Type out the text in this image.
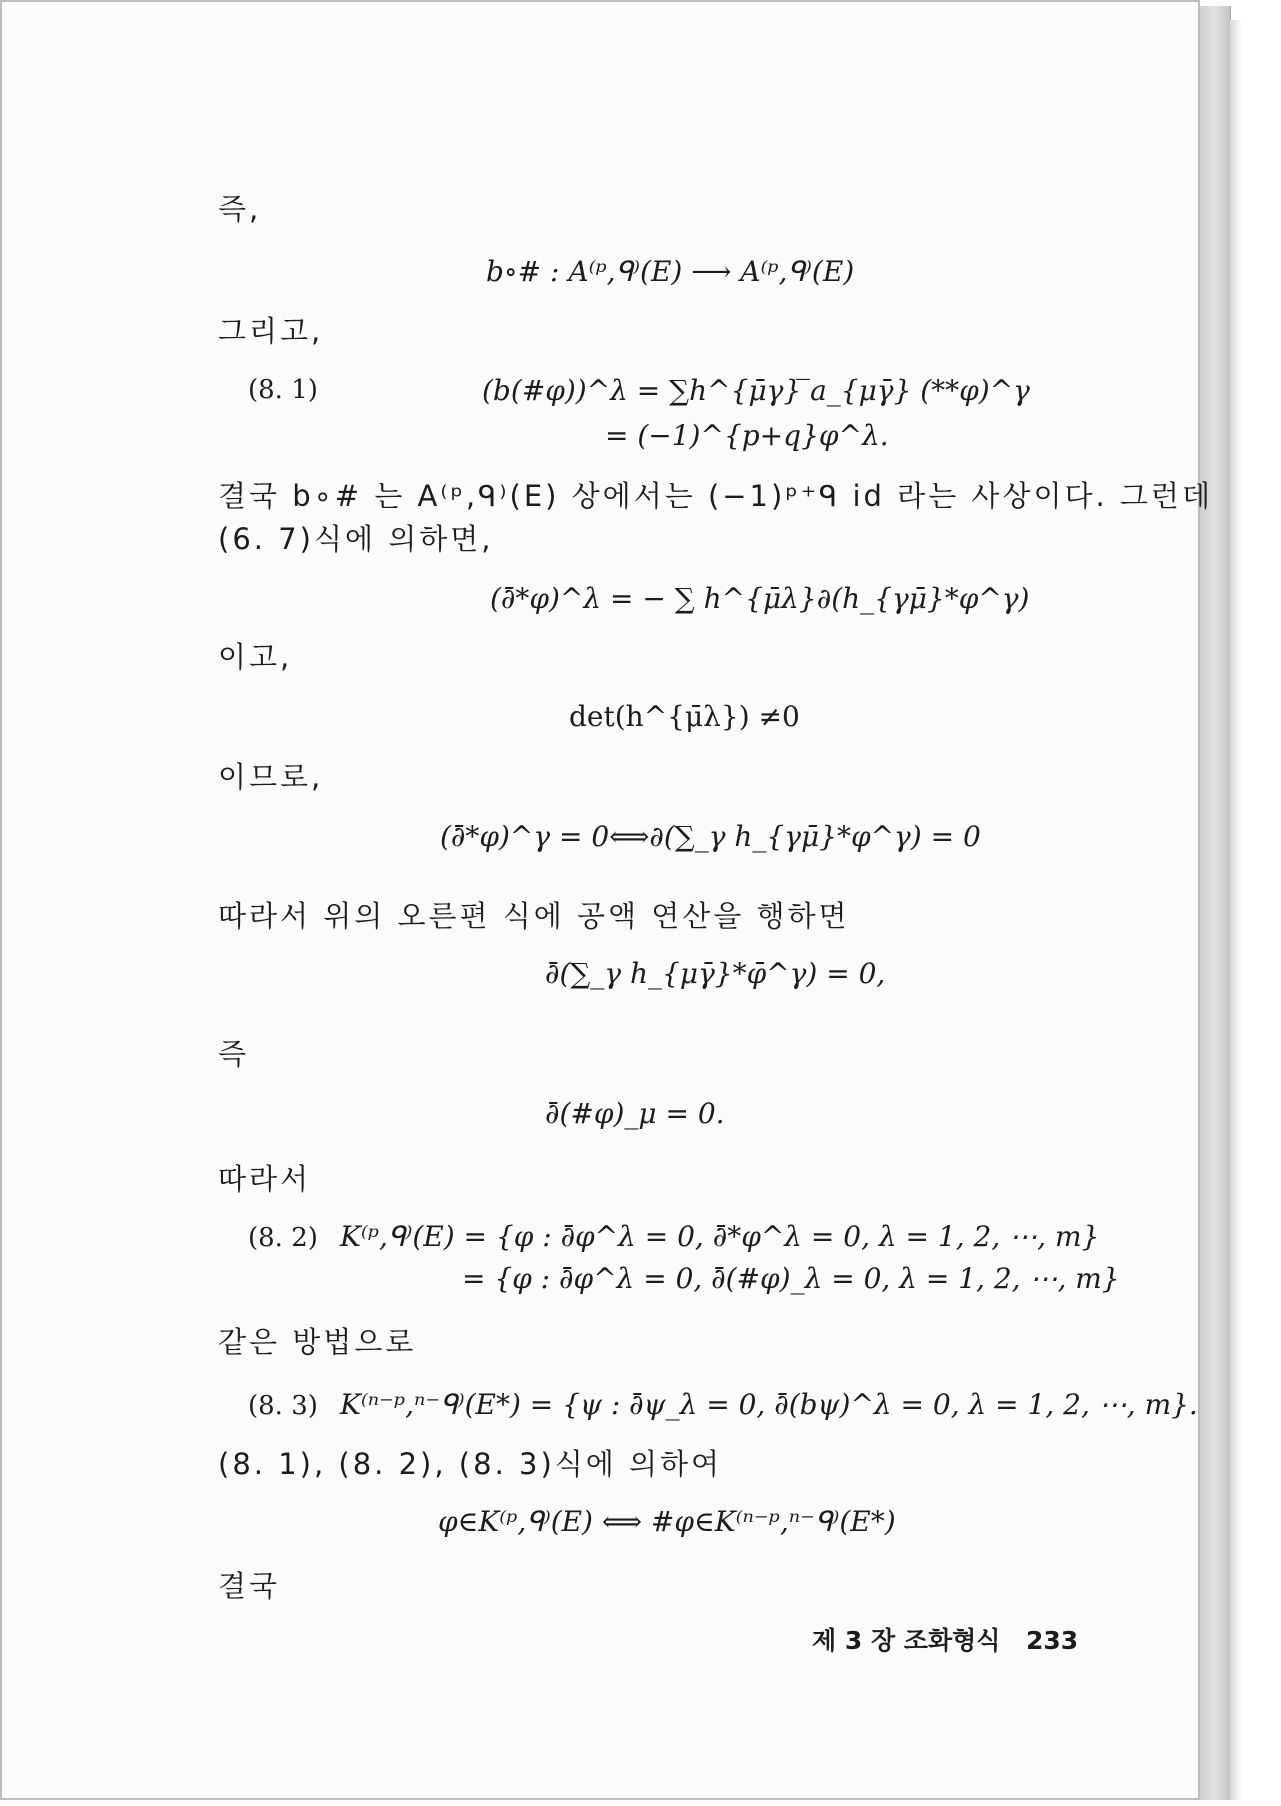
즉,
b∘# : A⁽ᵖ,ᑫ⁾(E) ⟶ A⁽ᵖ,ᑫ⁾(E)
그리고,
(8. 1)	(b(#φ))^λ = ∑h^{μ̄γ} ̅a_{μγ̄} (**φ)^γ
= (−1)^{p+q}φ^λ.
결국 b∘# 는 A⁽ᵖ,ᑫ⁾(E) 상에서는 (−1)ᵖ⁺ᑫ id 라는 사상이다. 그런데
(6. 7)식에 의하면,
(∂̄*φ)^λ = − ∑ h^{μ̄λ}∂(h_{γμ̄}*φ^γ)
이고,
det(h^{μ̄λ}) ≠0
이므로,
(∂̄*φ)^γ = 0⟺∂(∑_γ h_{γμ̄}*φ^γ) = 0
따라서 위의 오른편 식에 공액 연산을 행하면
∂̄(∑_γ h_{μγ̄}*φ̄^γ) = 0,
즉
∂̄(#φ)_μ = 0.
따라서
(8. 2) K⁽ᵖ,ᑫ⁾(E) = {φ : ∂̄φ^λ = 0, ∂̄*φ^λ = 0, λ = 1, 2, ⋯, m}
= {φ : ∂̄φ^λ = 0, ∂̄(#φ)_λ = 0, λ = 1, 2, ⋯, m}
같은 방법으로
(8. 3) K⁽ⁿ⁻ᵖ,ⁿ⁻ᑫ⁾(E*) = {ψ : ∂̄ψ_λ = 0, ∂̄(bψ)^λ = 0, λ = 1, 2, ⋯, m}.
(8. 1), (8. 2), (8. 3)식에 의하여
φ∈K⁽ᵖ,ᑫ⁾(E) ⟺ #φ∈K⁽ⁿ⁻ᵖ,ⁿ⁻ᑫ⁾(E*)
결국
제 3 장 조화형식 233
